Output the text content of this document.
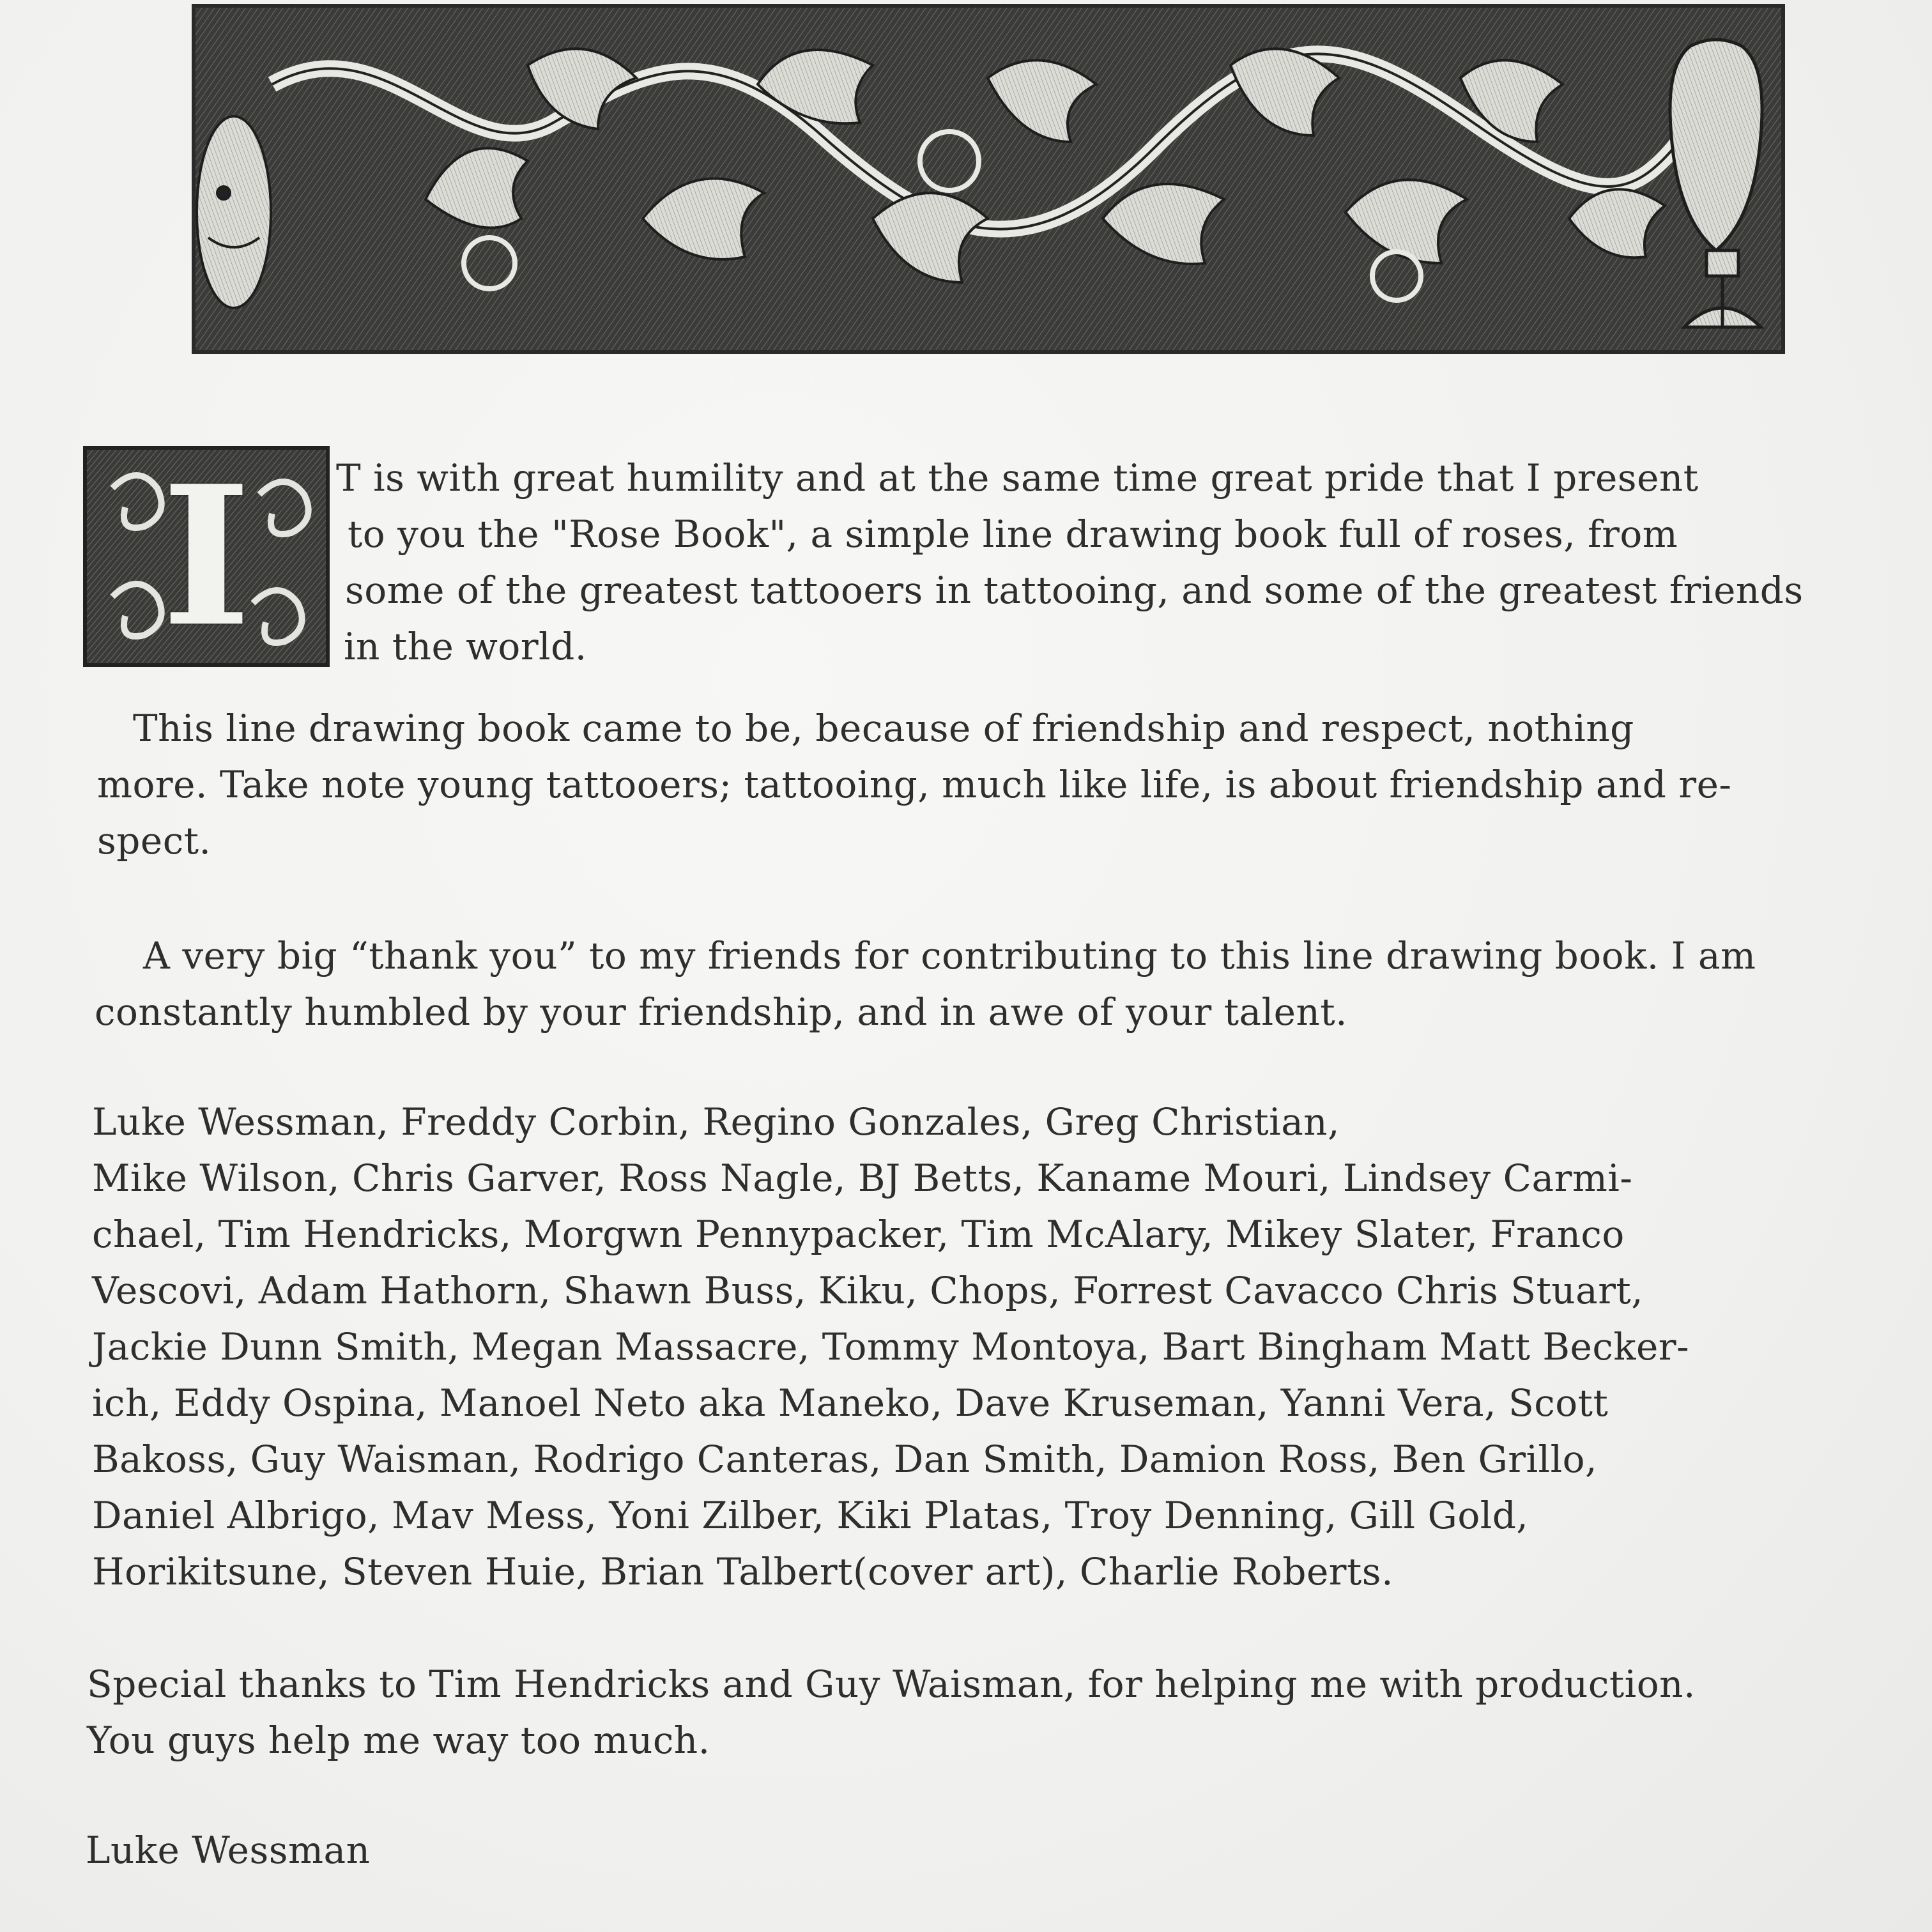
I	T is with great humility and at the same time great pride that I present
to you the "Rose Book", a simple line drawing book full of roses, from
some of the greatest tattooers in tattooing, and some of the greatest friends
in the world.
This line drawing book came to be, because of friendship and respect, nothing
more. Take note young tattooers; tattooing, much like life, is about friendship and re-
spect.
A very big “thank you” to my friends for contributing to this line drawing book. I am
constantly humbled by your friendship, and in awe of your talent.
Luke Wessman, Freddy Corbin, Regino Gonzales, Greg Christian,
Mike Wilson, Chris Garver, Ross Nagle, BJ Betts, Kaname Mouri, Lindsey Carmi-
chael, Tim Hendricks, Morgwn Pennypacker, Tim McAlary, Mikey Slater, Franco
Vescovi, Adam Hathorn, Shawn Buss, Kiku, Chops, Forrest Cavacco Chris Stuart,
Jackie Dunn Smith, Megan Massacre, Tommy Montoya, Bart Bingham Matt Becker-
ich, Eddy Ospina, Manoel Neto aka Maneko, Dave Kruseman, Yanni Vera, Scott
Bakoss, Guy Waisman, Rodrigo Canteras, Dan Smith, Damion Ross, Ben Grillo,
Daniel Albrigo, Mav Mess, Yoni Zilber, Kiki Platas, Troy Denning, Gill Gold,
Horikitsune, Steven Huie, Brian Talbert(cover art), Charlie Roberts.
Special thanks to Tim Hendricks and Guy Waisman, for helping me with production.
You guys help me way too much.
Luke Wessman
